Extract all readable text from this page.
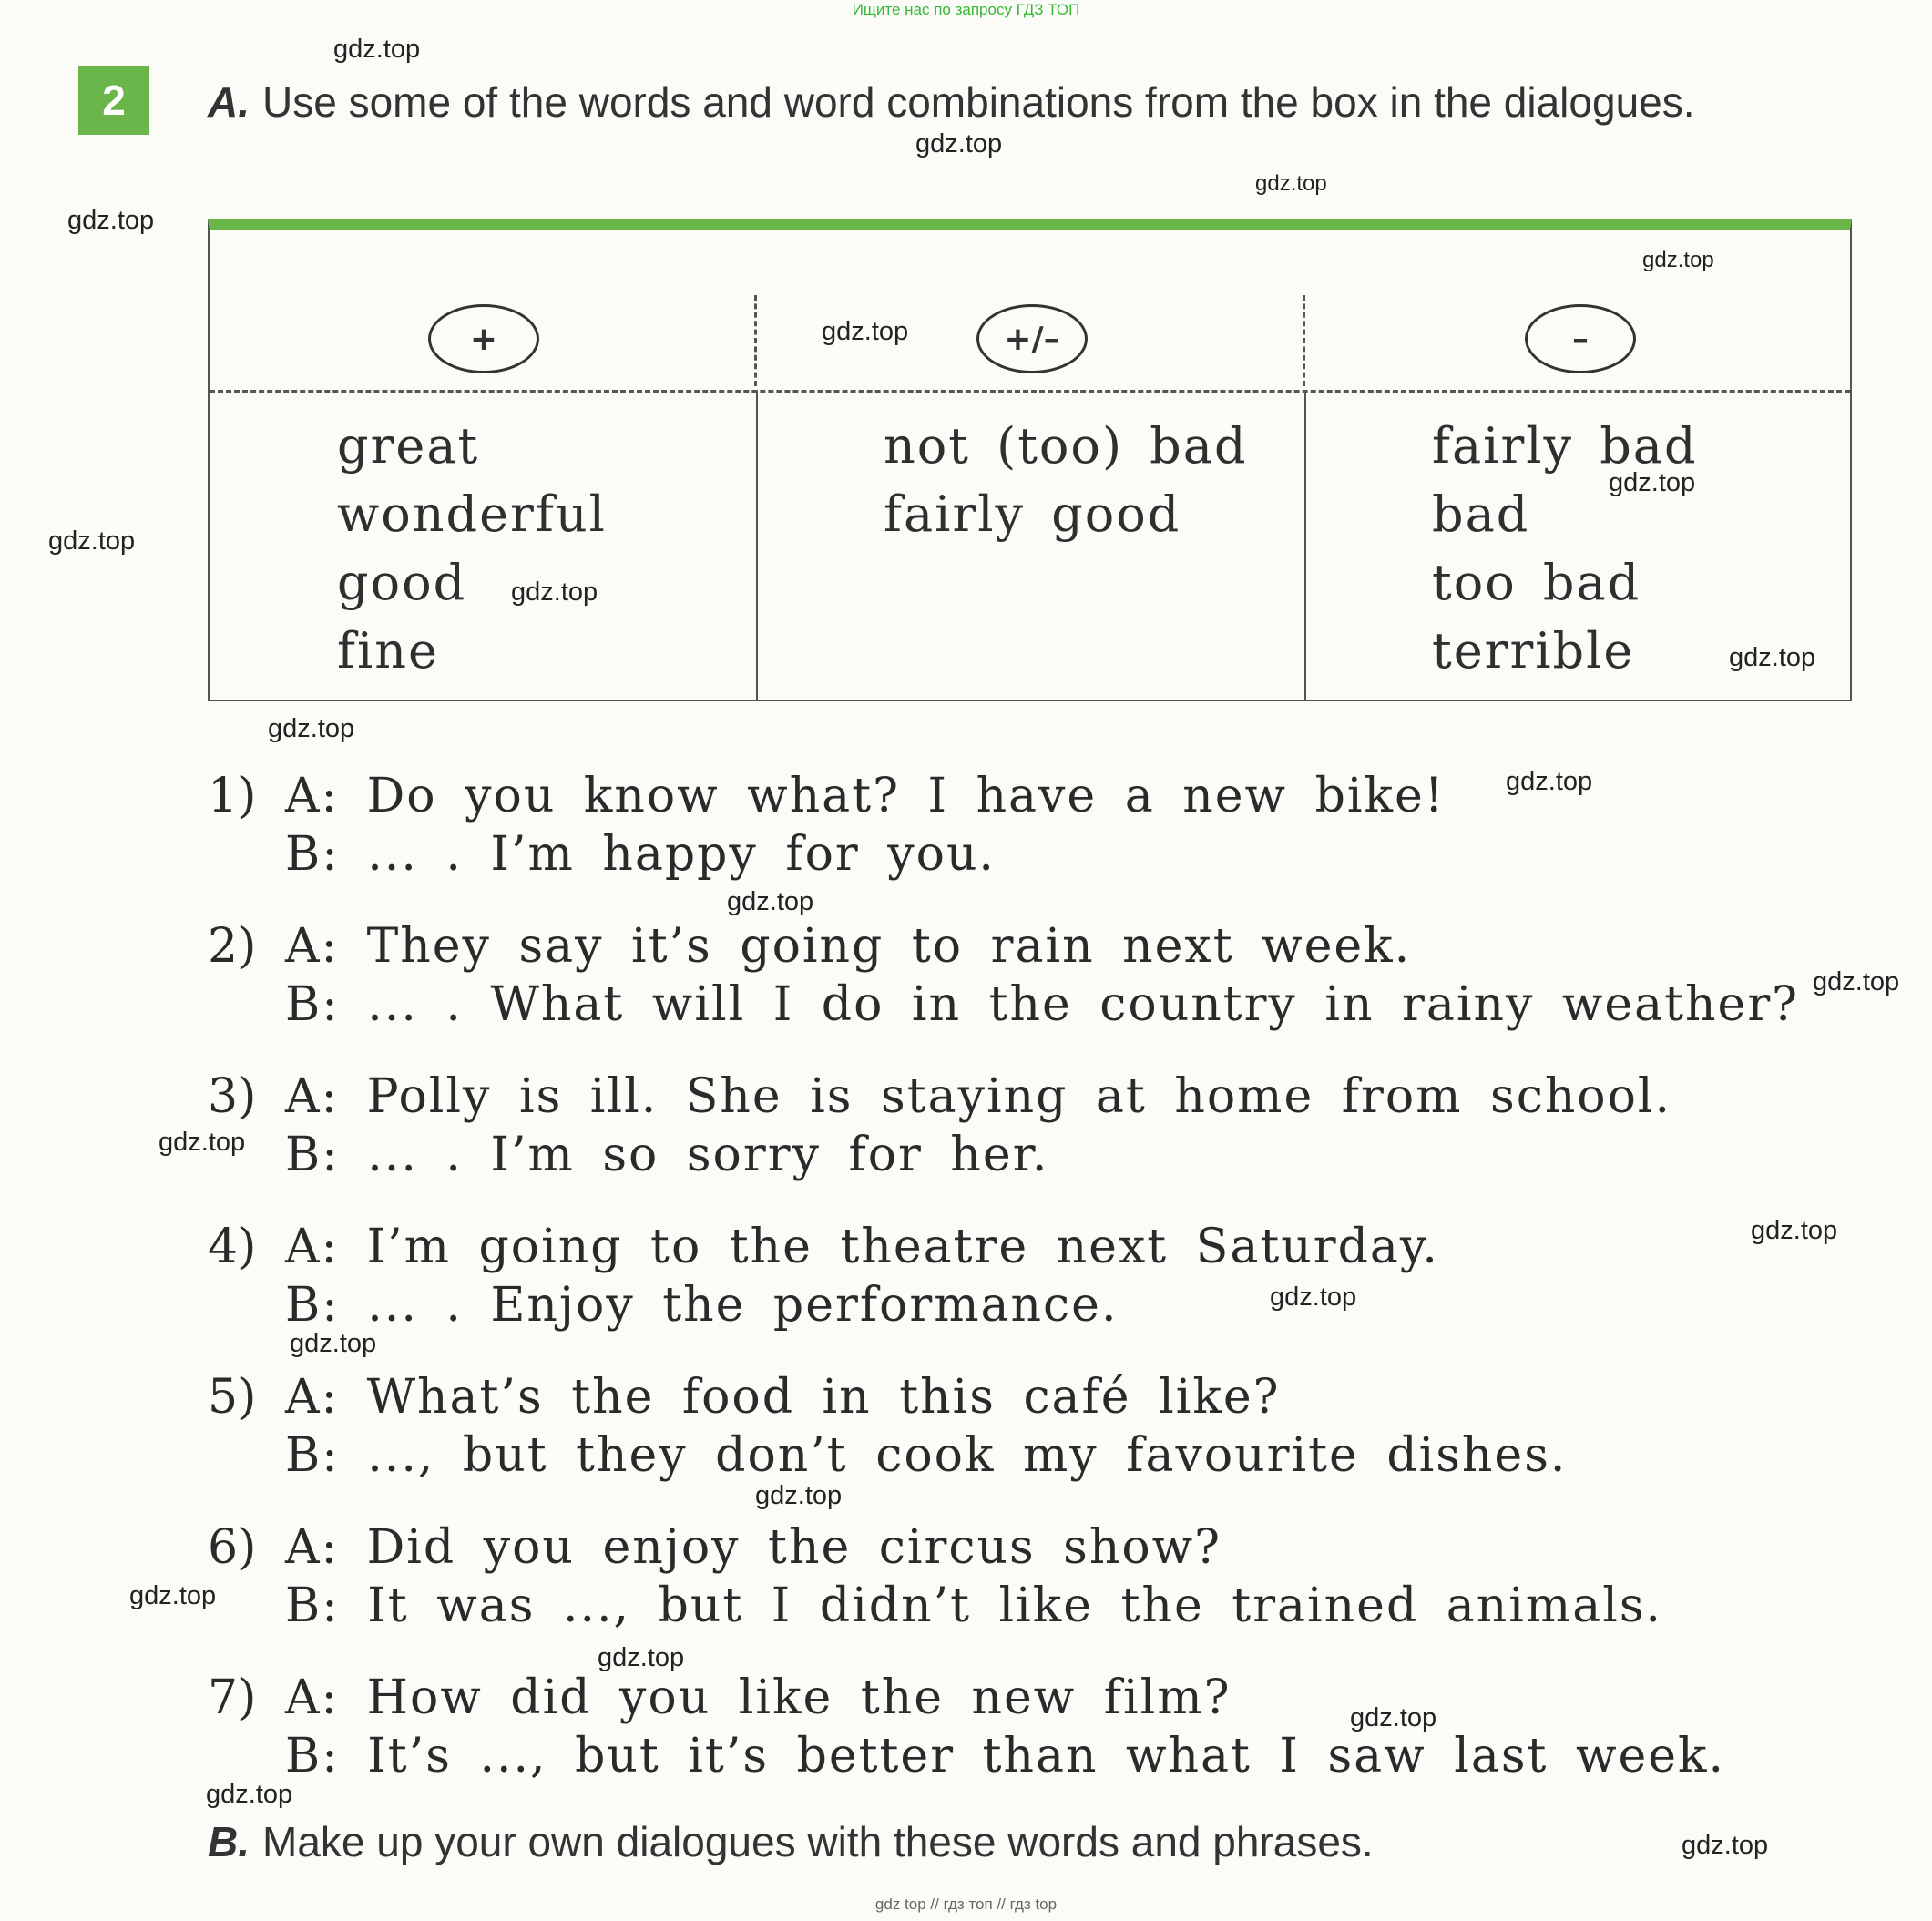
Ищите нас по запросу ГДЗ ТОП
2	A. Use some of the words and word combinations from the box in the dialogues.
+
great
wonderful
good
fine
+/–
not (too) bad
fairly good
–
fairly bad
bad
too bad
terrible
1) A: Do you know what? I have a new bike!
B: ... . I’m happy for you.
2) A: They say it’s going to rain next week.
B: ... . What will I do in the country in rainy weather?
3) A: Polly is ill. She is staying at home from school.
B: ... . I’m so sorry for her.
4) A: I’m going to the theatre next Saturday.
B: ... . Enjoy the performance.
5) A: What’s the food in this café like?
B: ..., but they don’t cook my favourite dishes.
6) A: Did you enjoy the circus show?
B: It was ..., but I didn’t like the trained animals.
7) A: How did you like the new film?
B: It’s ..., but it’s better than what I saw last week.
B. Make up your own dialogues with these words and phrases.
gdz.top
gdz.top
gdz.top
gdz.top
gdz.top
gdz.top
gdz.top
gdz.top
gdz.top
gdz.top
gdz.top
gdz.top
gdz.top
gdz.top
gdz.top
gdz.top
gdz.top
gdz.top
gdz.top
gdz.top
gdz.top
gdz.top
gdz.top
gdz.top
gdz top // гдз топ // гдз top
